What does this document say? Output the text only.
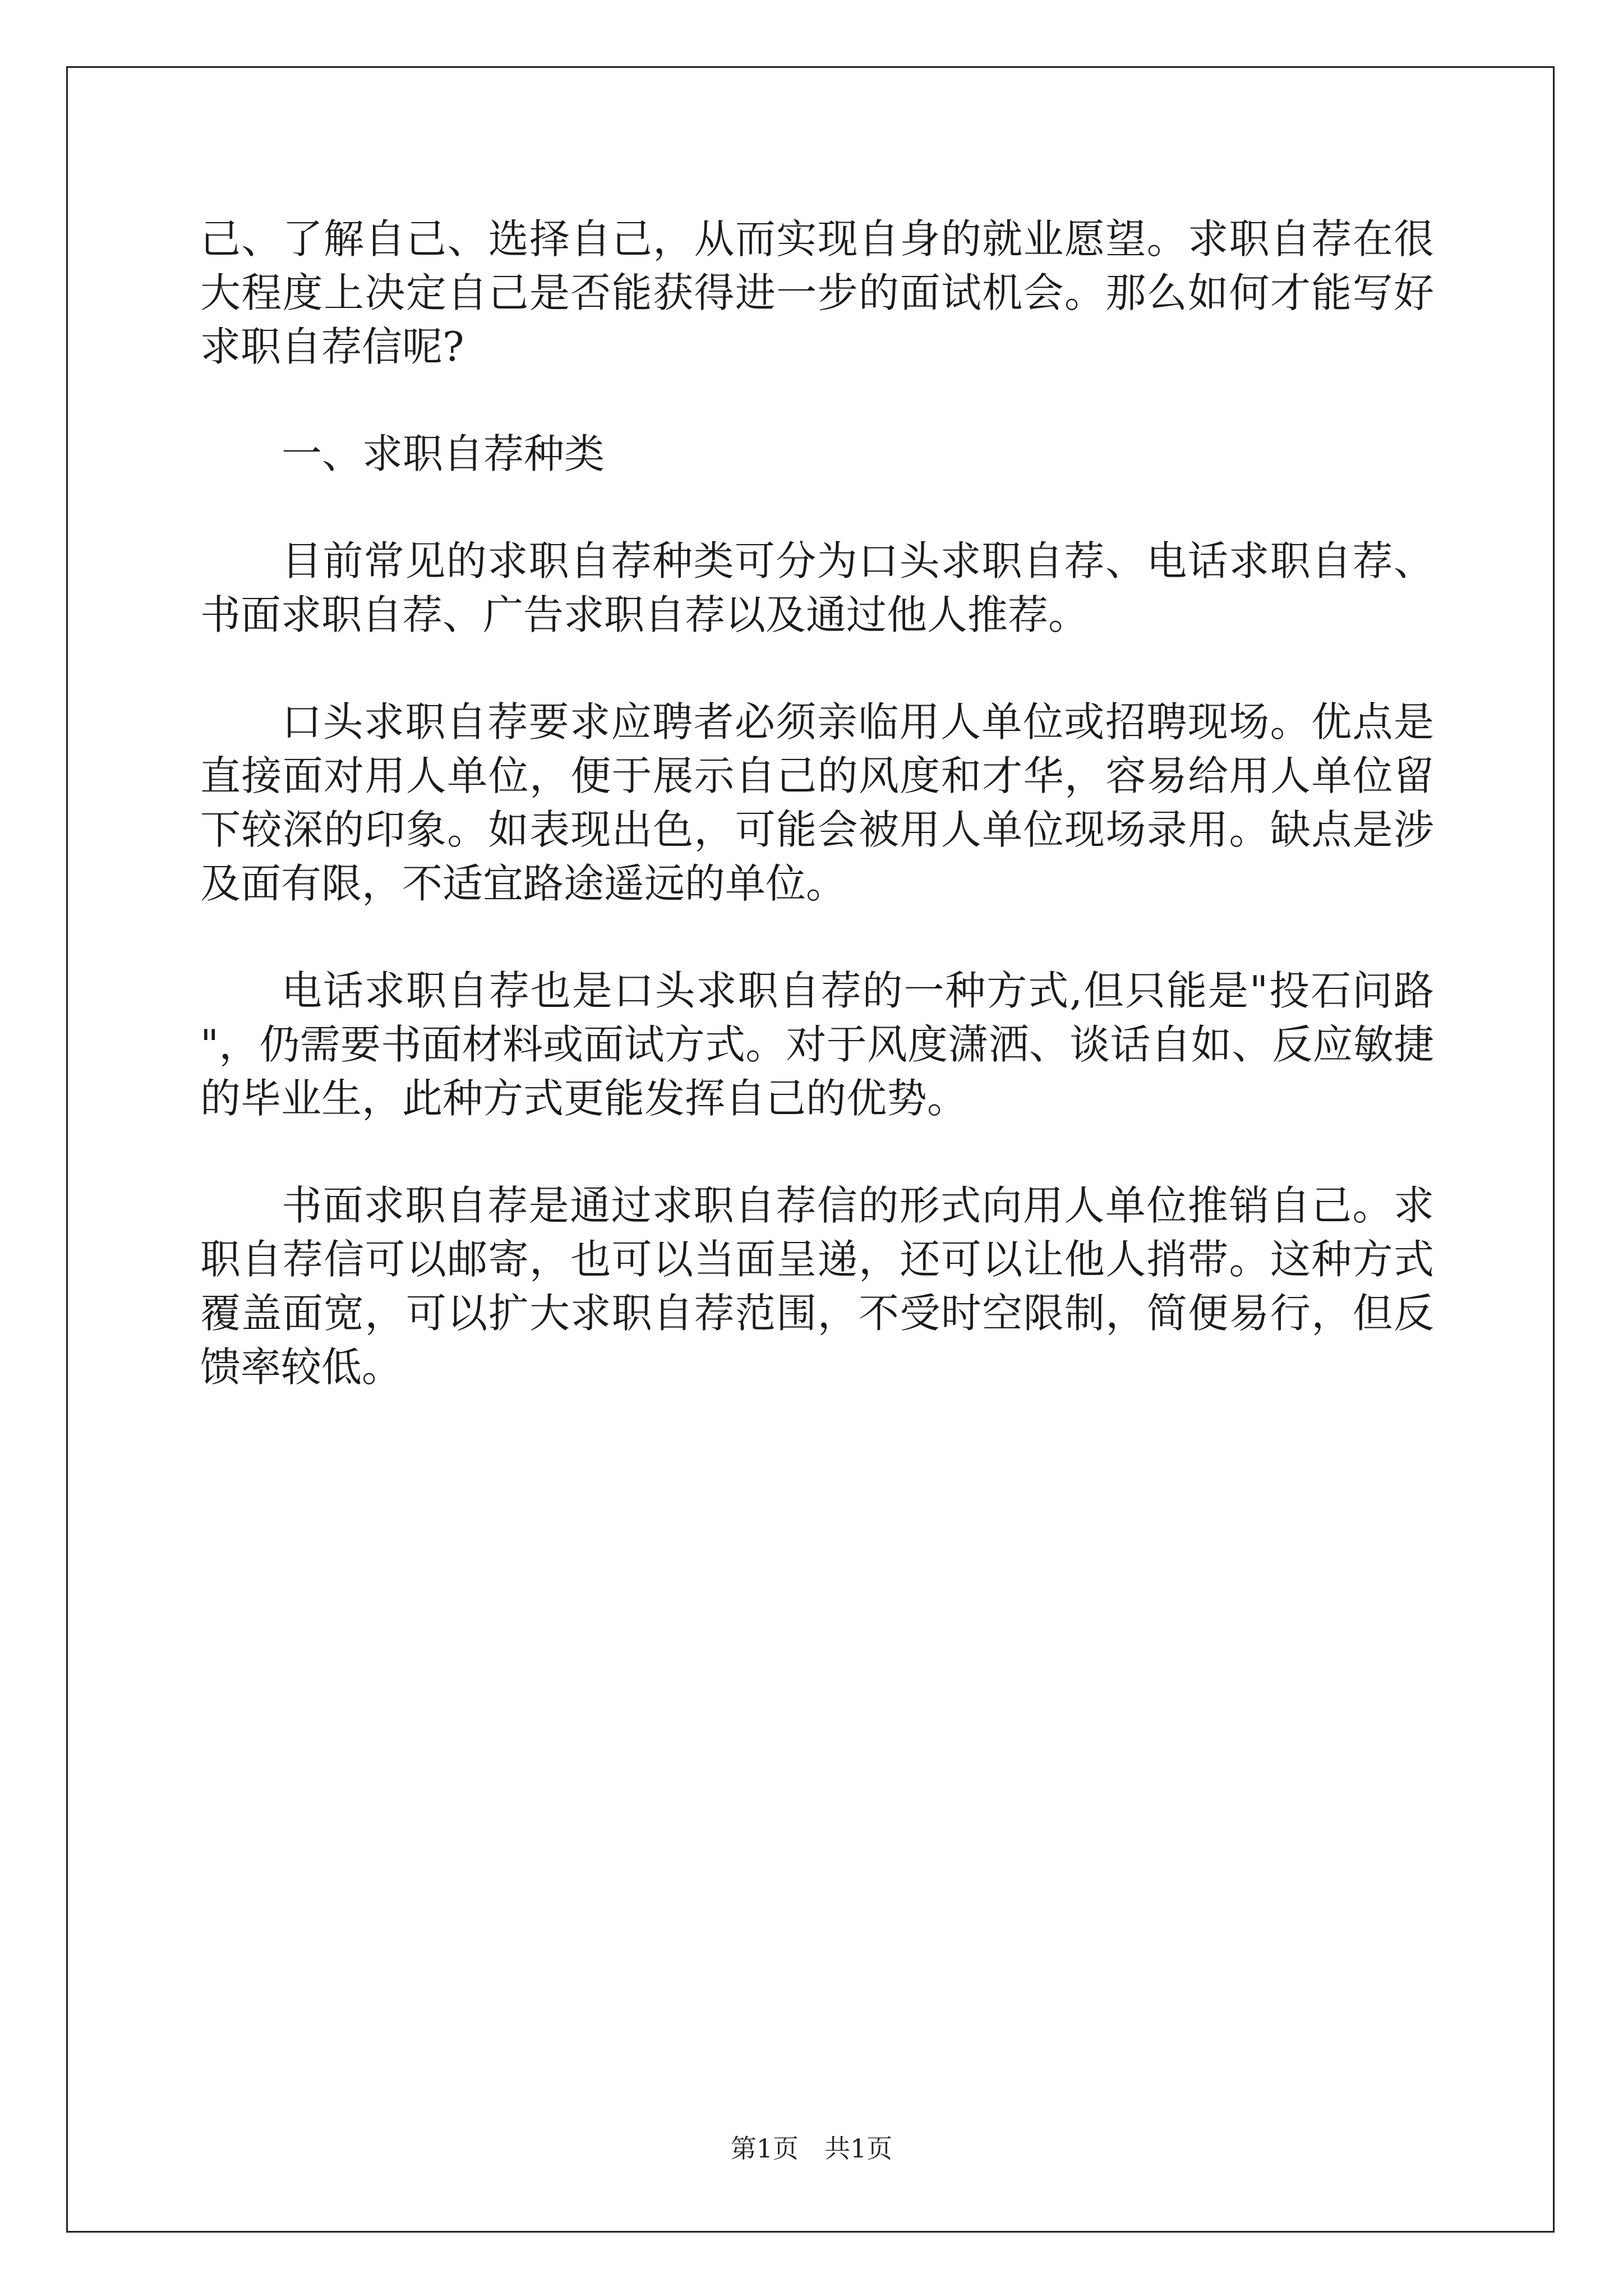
己、了解自己、选择自己，从而实现自身的就业愿望。求职自荐在很
大程度上决定自己是否能获得进一步的面试机会。那么如何才能写好
求职自荐信呢?
一、求职自荐种类
目前常见的求职自荐种类可分为口头求职自荐、电话求职自荐、
书面求职自荐、广告求职自荐以及通过他人推荐。
口头求职自荐要求应聘者必须亲临用人单位或招聘现场。优点是
直接面对用人单位，便于展示自己的风度和才华，容易给用人单位留
下较深的印象。如表现出色，可能会被用人单位现场录用。缺点是涉
及面有限，不适宜路途遥远的单位。
电话求职自荐也是口头求职自荐的一种方式,但只能是"投石问路
"，仍需要书面材料或面试方式。对于风度潇洒、谈话自如、反应敏捷
的毕业生，此种方式更能发挥自己的优势。
书面求职自荐是通过求职自荐信的形式向用人单位推销自己。求
职自荐信可以邮寄，也可以当面呈递，还可以让他人捎带。这种方式
覆盖面宽，可以扩大求职自荐范围，不受时空限制，简便易行，但反
馈率较低。
第1页　共1页
